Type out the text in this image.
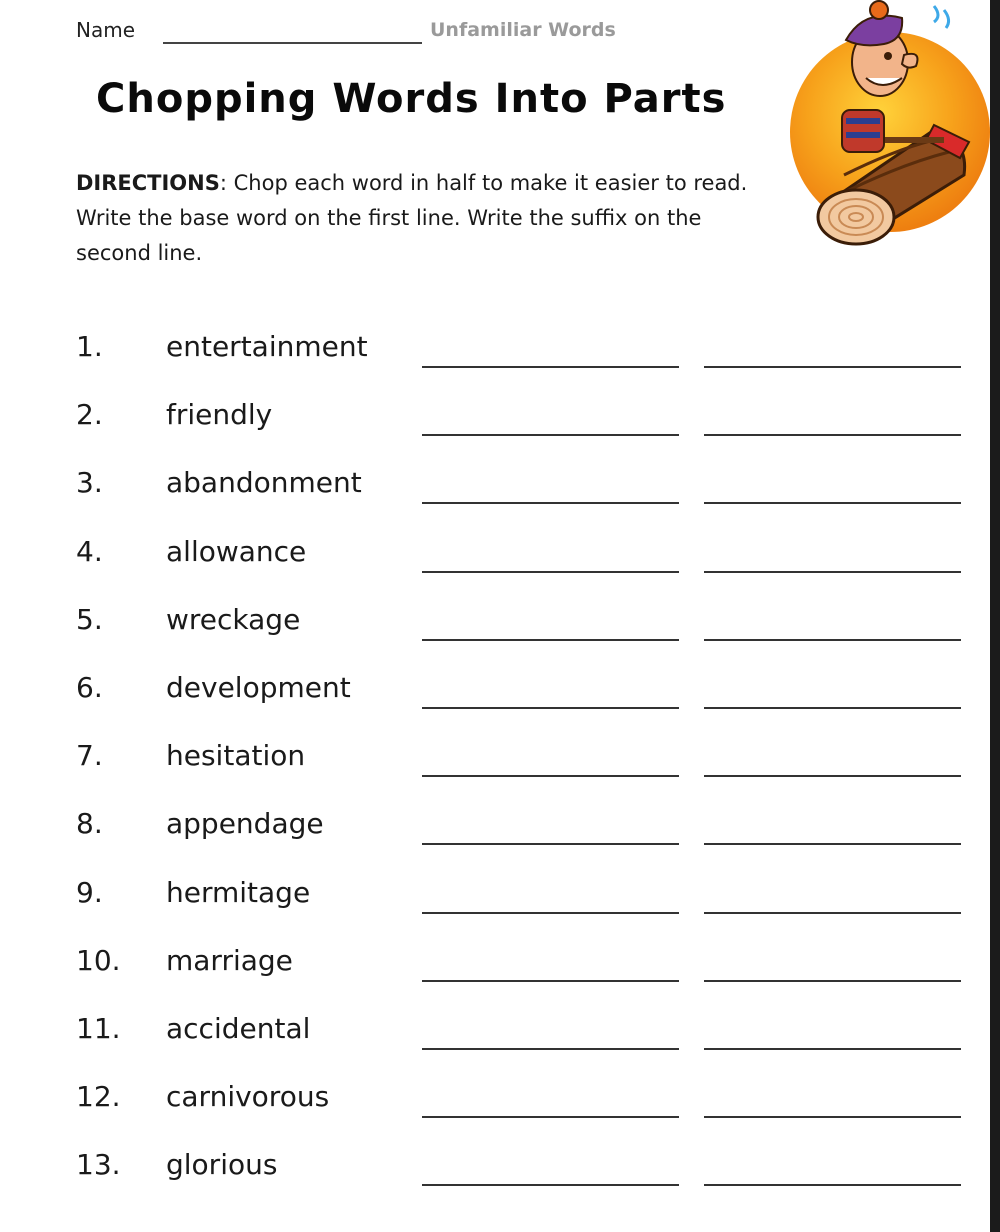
Name	Unfamiliar Words
Chopping Words Into Parts
DIRECTIONS: Chop each word in half to make it easier to read. Write the base word on the first line. Write the suffix on the second line.
1. entertainment
2. friendly
3. abandonment
4. allowance
5. wreckage
6. development
7. hesitation
8. appendage
9. hermitage
10. marriage
11. accidental
12. carnivorous
13. glorious
